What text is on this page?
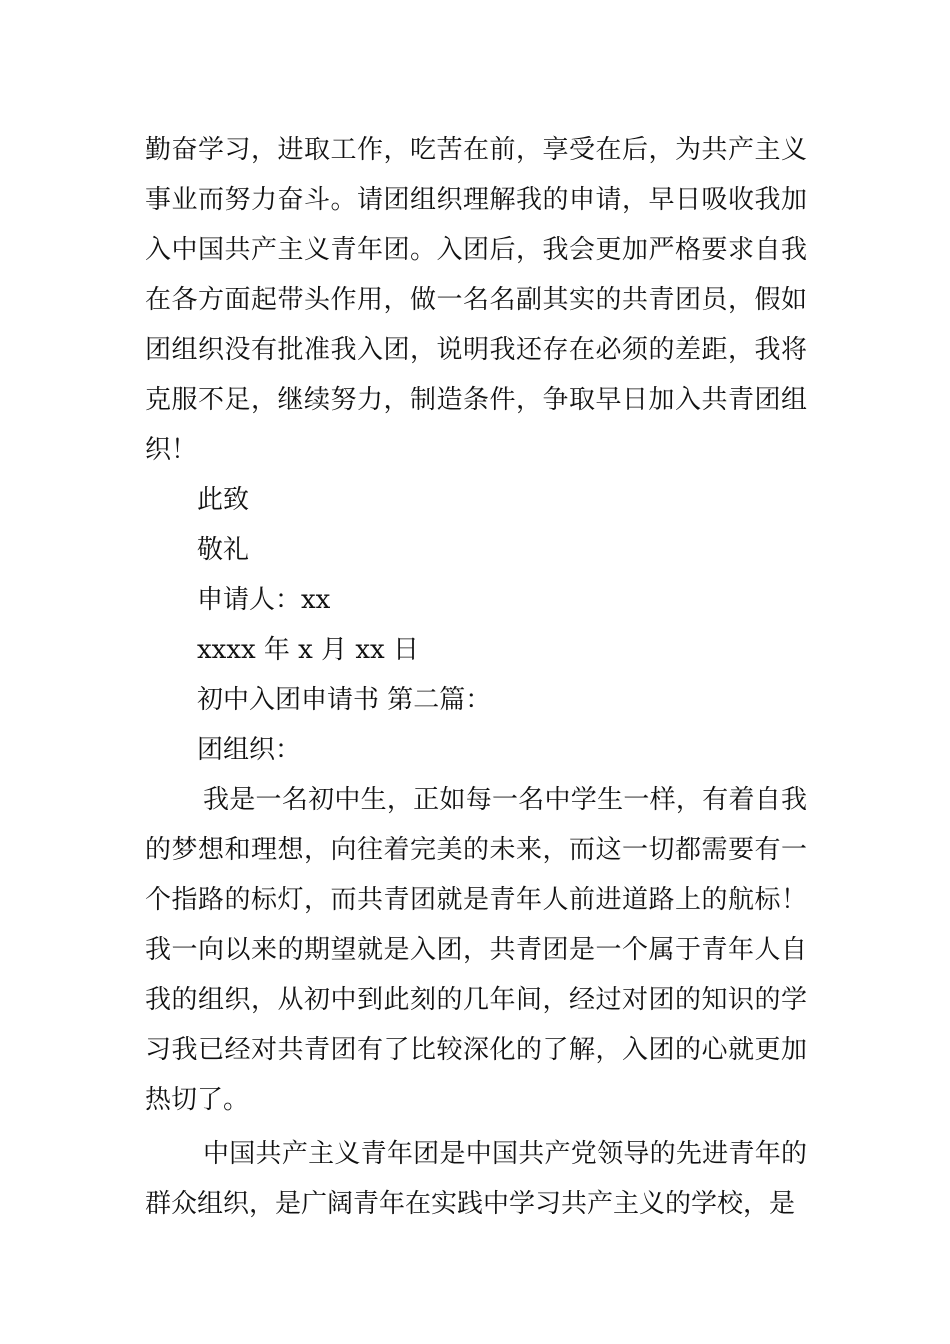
勤奋学习，进取工作，吃苦在前，享受在后，为共产主义事业而努力奋斗。请团组织理解我的申请，早日吸收我加入中国共产主义青年团。入团后，我会更加严格要求自我在各方面起带头作用，做一名名副其实的共青团员，假如团组织没有批准我入团，说明我还存在必须的差距，我将克服不足，继续努力，制造条件，争取早日加入共青团组织！

此致

敬礼

申请人：xx

xxxx 年 x 月 xx 日

初中入团申请书 第二篇：

团组织：

我是一名初中生，正如每一名中学生一样，有着自我的梦想和理想，向往着完美的未来，而这一切都需要有一个指路的标灯，而共青团就是青年人前进道路上的航标！我一向以来的期望就是入团，共青团是一个属于青年人自我的组织，从初中到此刻的几年间，经过对团的知识的学习我已经对共青团有了比较深化的了解，入团的心就更加热切了。

中国共产主义青年团是中国共产党领导的先进青年的群众组织，是广阔青年在实践中学习共产主义的学校，是
